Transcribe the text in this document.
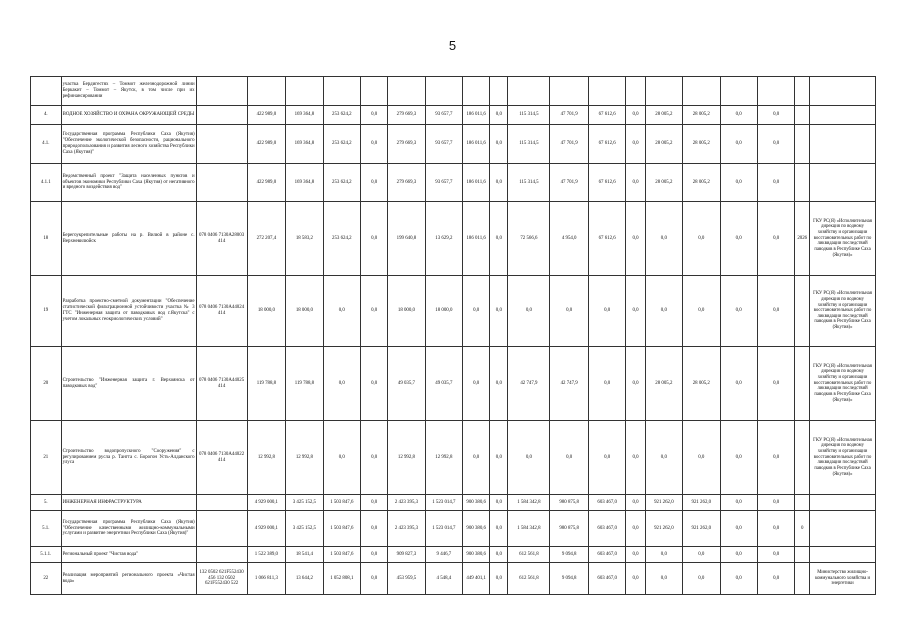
5
	участка Бердигестях – Томмот железнодорожной линии Беркакит – Томмот – Якутск, в том числе при их рефинансировании																			
4.	ВОДНОЕ ХОЗЯЙСТВО И ОХРАНА ОКРУЖАЮЩЕЙ СРЕДЫ		422 989,0	169 364,8	253 624,2	0,0	279 669,3	93 657,7	186 011,6	0,0	115 314,5	47 701,9	67 612,6	0,0	28 005,2	28 005,2	0,0	0,0		
4.1.	Государственная программа Республики Саха (Якутия) "Обеспечение экологической безопасности, рационального природопользования и развития лесного хозяйства Республики Саха (Якутия)"		422 989,0	169 364,8	253 624,2	0,0	279 669,3	93 657,7	186 011,6	0,0	115 314,5	47 701,9	67 612,6	0,0	28 005,2	28 005,2	0,0	0,0		
4.1.1	Ведомственный проект "Защита населенных пунктов и объектов экономики Республики Саха (Якутия) от негативного и вредного воздействия вод"		422 989,0	169 364,8	253 624,2	0,0	279 669,3	93 657,7	186 011,6	0,0	115 314,5	47 701,9	67 612,6	0,0	28 005,2	28 005,2	0,0	0,0		
18	Берегоукрепительные работы на р. Вилюй в районе с. Верхневилюйск	078 0406 7130A28003 414	272 207,4	18 583,2	253 624,2	0,0	199 640,8	13 629,2	186 011,6	0,0	72 566,6	4 954,0	67 612,6	0,0	0,0	0,0	0,0	0,0	2026	ГКУ РС(Я) «Исполнительная дирекция по водному хозяйству и организации восстановительных работ по ликвидации последствий паводков в Республике Саха (Якутия)»
19	Разработка проектно-сметной документации "Обеспечение статистической фильтрационной устойчивости участка № 3 ГТС "Инженерная защита от паводковых вод г.Якутска" с учетом локальных геокриологических условий"	078 0406 7130A44024 414	18 000,0	18 000,0	0,0	0,0	18 000,0	18 000,0	0,0	0,0	0,0	0,0	0,0	0,0	0,0	0,0	0,0	0,0		ГКУ РС(Я) «Исполнительная дирекция по водному хозяйству и организации восстановительных работ по ликвидации последствий паводков в Республике Саха (Якутия)»
20	Строительство "Инженерная защита г. Верхоянска от паводковых вод"	078 0406 7130A44025 414	119 788,8	119 788,8	0,0	0,0	49 035,7	49 035,7	0,0	0,0	42 747,9	42 747,9	0,0	0,0	28 005,2	28 005,2	0,0	0,0		ГКУ РС(Я) «Исполнительная дирекция по водному хозяйству и организации восстановительных работ по ликвидации последствий паводков в Республике Саха (Якутия)»
21	Строительство водопропускного "Сооружения" с регулированием русла р. Тангта с. Борогон Усть-Алданского улуса	078 0406 7130A44022 414	12 992,8	12 992,8	0,0	0,0	12 992,8	12 992,8	0,0	0,0	0,0	0,0	0,0	0,0	0,0	0,0	0,0	0,0		ГКУ РС(Я) «Исполнительная дирекция по водному хозяйству и организации восстановительных работ по ликвидации последствий паводков в Республике Саха (Якутия)»
5.	ИНЖЕНЕРНАЯ ИНФРАСТРУКТУРА		4 929 000,1	3 425 152,5	1 503 847,6	0,0	2 423 395,3	1 523 014,7	900 380,6	0,0	1 584 342,8	980 875,8	603 467,0	0,0	921 262,0	921 262,0	0,0	0,0		
5.1.	Государственная программа Республики Саха (Якутия) "Обеспечение качественными жилищно-коммунальными услугами и развитие энергетики Республики Саха (Якутия)"		4 929 000,1	3 425 152,5	1 503 847,6	0,0	2 423 395,3	1 523 014,7	900 380,6	0,0	1 584 342,8	980 875,8	603 467,0	0,0	921 262,0	921 262,0	0,0	0,0	0	
5.1.1.	Региональный проект "Чистая вода"		1 522 389,0	18 541,4	1 503 847,6	0,0	909 827,3	9 446,7	900 380,6	0,0	612 561,8	9 094,8	603 467,0	0,0	0,0	0,0	0,0	0,0		
22	Реализация мероприятий регионального проекта «Чистая вода»	132 0502 621F552430 456 132 0502 621F552430 522	1 066 811,3	13 644,2	1 052 808,1	0,0	453 959,5	4 548,4	449 401,1	0,0	612 561,8	9 094,8	603 467,0	0,0	0,0	0,0	0,0	0,0		Министерство жилищно-коммунального хозяйства и энергетики
